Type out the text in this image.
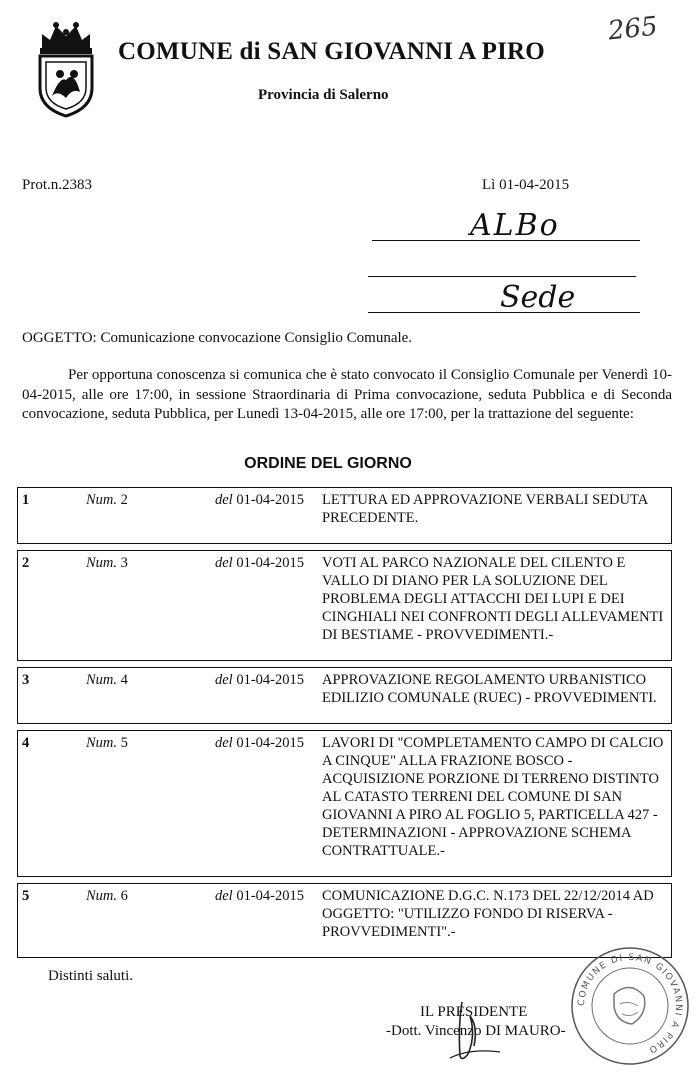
COMUNE di SAN GIOVANNI A PIRO
Provincia di Salerno
265
Prot.n.2383	Lì 01-04-2015
ALBo
Sede
OGGETTO: Comunicazione convocazione Consiglio Comunale.
Per opportuna conoscenza si comunica che è stato convocato il Consiglio Comunale per Venerdì 10-04-2015, alle ore 17:00, in sessione Straordinaria di Prima convocazione, seduta Pubblica e di Seconda convocazione, seduta Pubblica, per Lunedì 13-04-2015, alle ore 17:00, per la trattazione del seguente:
ORDINE DEL GIORNO
1	Num. 2	del 01-04-2015	LETTURA ED APPROVAZIONE VERBALI SEDUTA PRECEDENTE.

2	Num. 3	del 01-04-2015	VOTI AL PARCO NAZIONALE DEL CILENTO E VALLO DI DIANO PER LA SOLUZIONE DEL PROBLEMA DEGLI ATTACCHI DEI LUPI E DEI CINGHIALI NEI CONFRONTI DEGLI ALLEVAMENTI DI BESTIAME - PROVVEDIMENTI.-

3	Num. 4	del 01-04-2015	APPROVAZIONE REGOLAMENTO URBANISTICO EDILIZIO COMUNALE (RUEC) - PROVVEDIMENTI.

4	Num. 5	del 01-04-2015	LAVORI DI "COMPLETAMENTO CAMPO DI CALCIO A CINQUE" ALLA FRAZIONE BOSCO - ACQUISIZIONE PORZIONE DI TERRENO DISTINTO AL CATASTO TERRENI DEL COMUNE DI SAN GIOVANNI A PIRO AL FOGLIO 5, PARTICELLA 427 - DETERMINAZIONI - APPROVAZIONE SCHEMA CONTRATTUALE.-

5	Num. 6	del 01-04-2015	COMUNICAZIONE D.G.C. N.173 DEL 22/12/2014 AD OGGETTO: "UTILIZZO FONDO DI RISERVA - PROVVEDIMENTI".-
Distinti saluti.
IL PRESIDENTE
-Dott. Vincenzo DI MAURO-
COMUNE DI SAN GIOVANNI A PIRO
